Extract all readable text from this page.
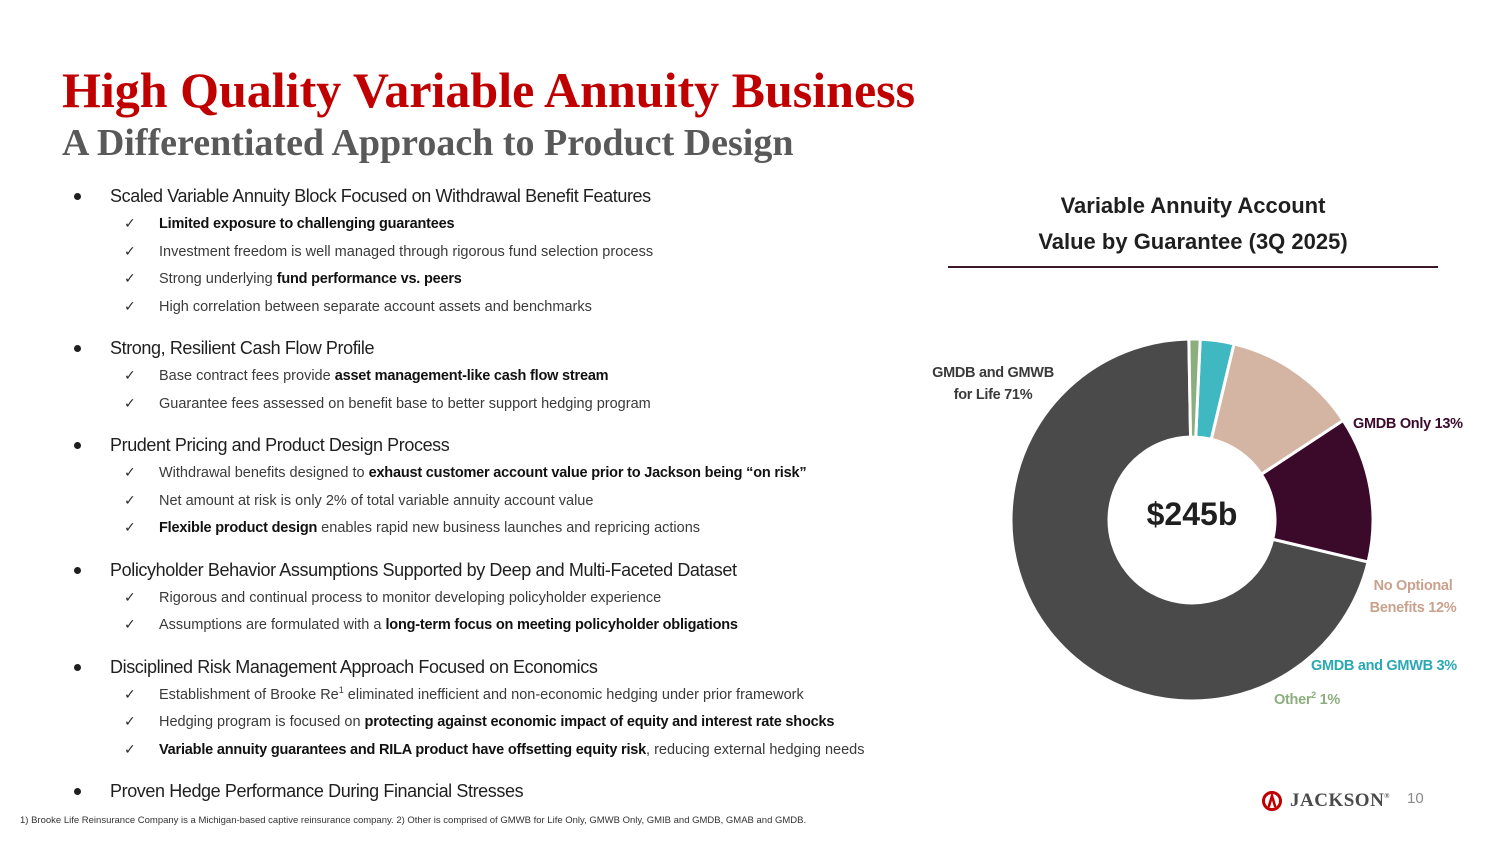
High Quality Variable Annuity Business
A Differentiated Approach to Product Design
Scaled Variable Annuity Block Focused on Withdrawal Benefit Features
✓ Limited exposure to challenging guarantees
✓ Investment freedom is well managed through rigorous fund selection process
✓ Strong underlying fund performance vs. peers
✓ High correlation between separate account assets and benchmarks
Strong, Resilient Cash Flow Profile
✓ Base contract fees provide asset management-like cash flow stream
✓ Guarantee fees assessed on benefit base to better support hedging program
Prudent Pricing and Product Design Process
✓ Withdrawal benefits designed to exhaust customer account value prior to Jackson being “on risk”
✓ Net amount at risk is only 2% of total variable annuity account value
✓ Flexible product design enables rapid new business launches and repricing actions
Policyholder Behavior Assumptions Supported by Deep and Multi-Faceted Dataset
✓ Rigorous and continual process to monitor developing policyholder experience
✓ Assumptions are formulated with a long-term focus on meeting policyholder obligations
Disciplined Risk Management Approach Focused on Economics
✓ Establishment of Brooke Re$^1$ eliminated inefficient and non-economic hedging under prior framework
✓ Hedging program is focused on protecting against economic impact of equity and interest rate shocks
✓ Variable annuity guarantees and RILA product have offsetting equity risk, reducing external hedging needs
Proven Hedge Performance During Financial Stresses
Variable Annuity Account
Value by Guarantee (3Q 2025)
GMDB and GMWB
for Life 71%
GMDB Only 13%
No Optional
Benefits 12%
GMDB and GMWB 3%
Other$^2$ 1%
$245b
1) Brooke Life Reinsurance Company is a Michigan-based captive reinsurance company. 2) Other is comprised of GMWB for Life Only, GMWB Only, GMIB and GMDB, GMAB and GMDB.
JACKSON® 10
